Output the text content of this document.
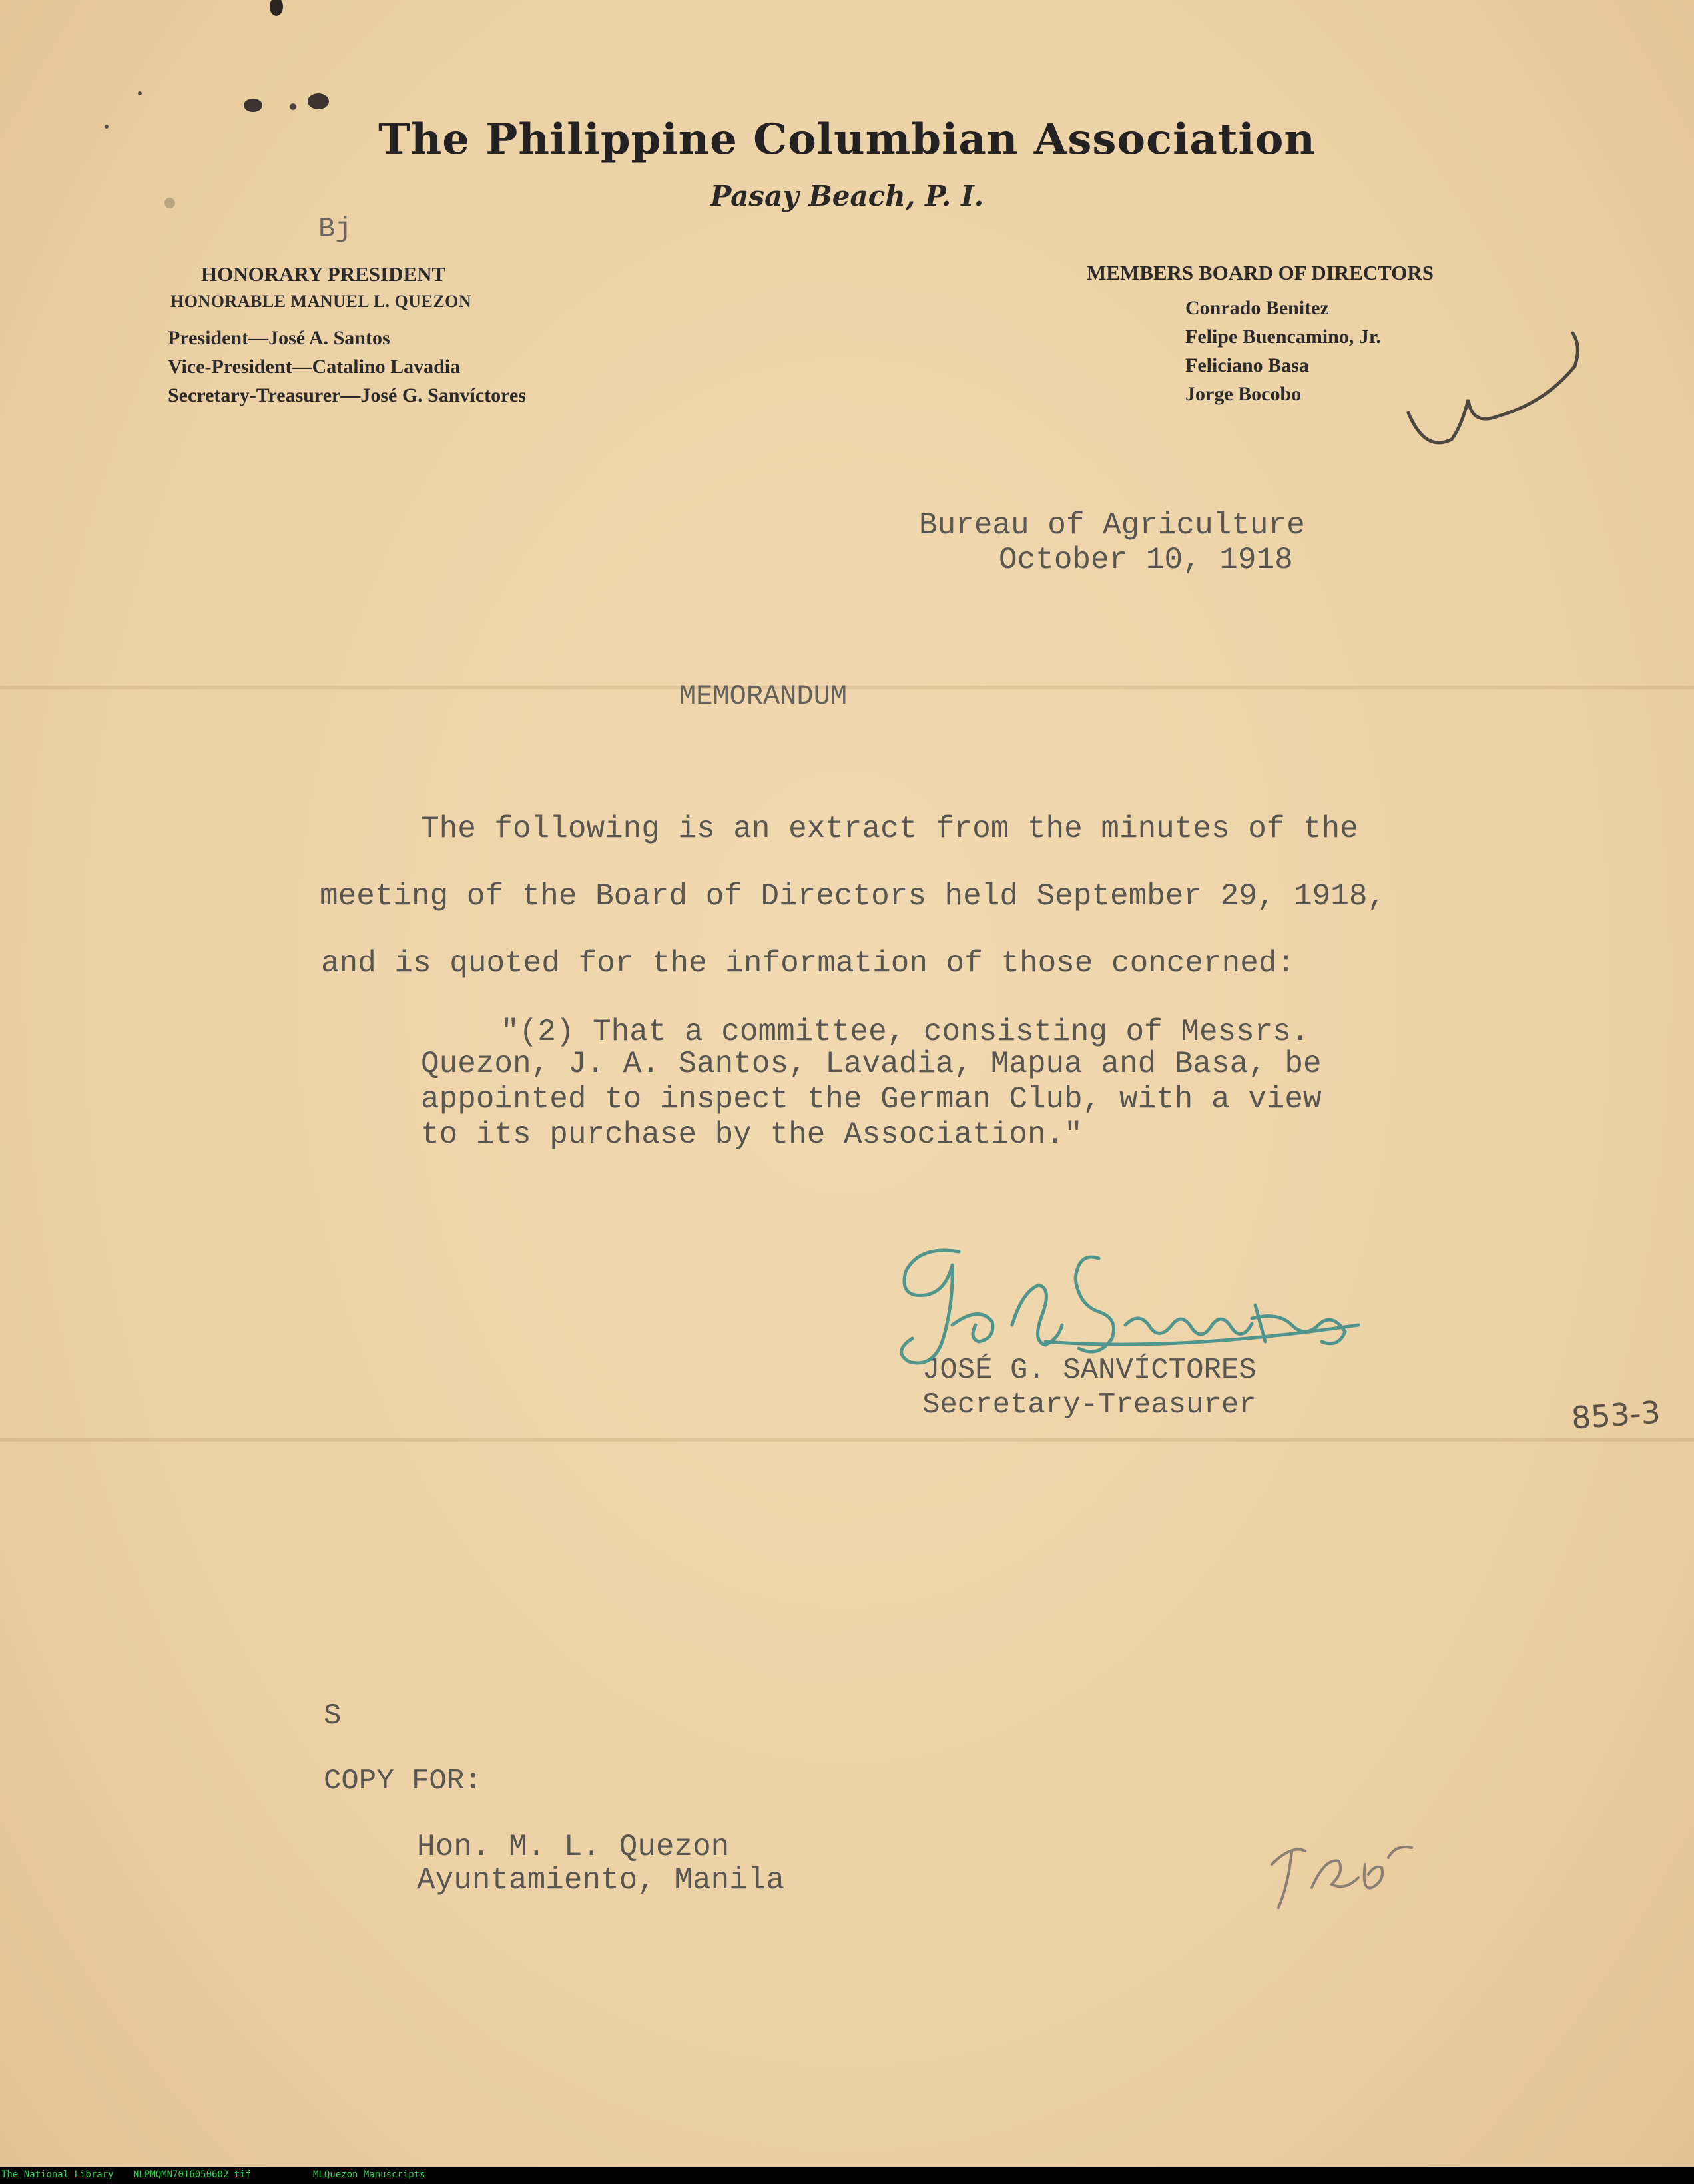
853-3
The Philippine Columbian Association
Pasay Beach, P. I.
Bj
HONORARY PRESIDENT
HONORABLE MANUEL L. QUEZON
President—José A. Santos
Vice-President—Catalino Lavadia
Secretary-Treasurer—José G. Sanvíctores
MEMBERS BOARD OF DIRECTORS
Conrado Benitez
Felipe Buencamino, Jr.
Feliciano Basa
Jorge Bocobo
Bureau of Agriculture
October 10, 1918
MEMORANDUM
The following is an extract from the minutes of the
meeting of the Board of Directors held September 29, 1918,
and is quoted for the information of those concerned:
"(2) That a committee, consisting of Messrs.
Quezon, J. A. Santos, Lavadia, Mapua and Basa, be
appointed to inspect the German Club, with a view
to its purchase by the Association."
JOSÉ G. SANVÍCTORES
Secretary-Treasurer
S
COPY FOR:
Hon. M. L. Quezon
Ayuntamiento, Manila
The National Library NLPMQMN7016050602 tif	MLQuezon Manuscripts
